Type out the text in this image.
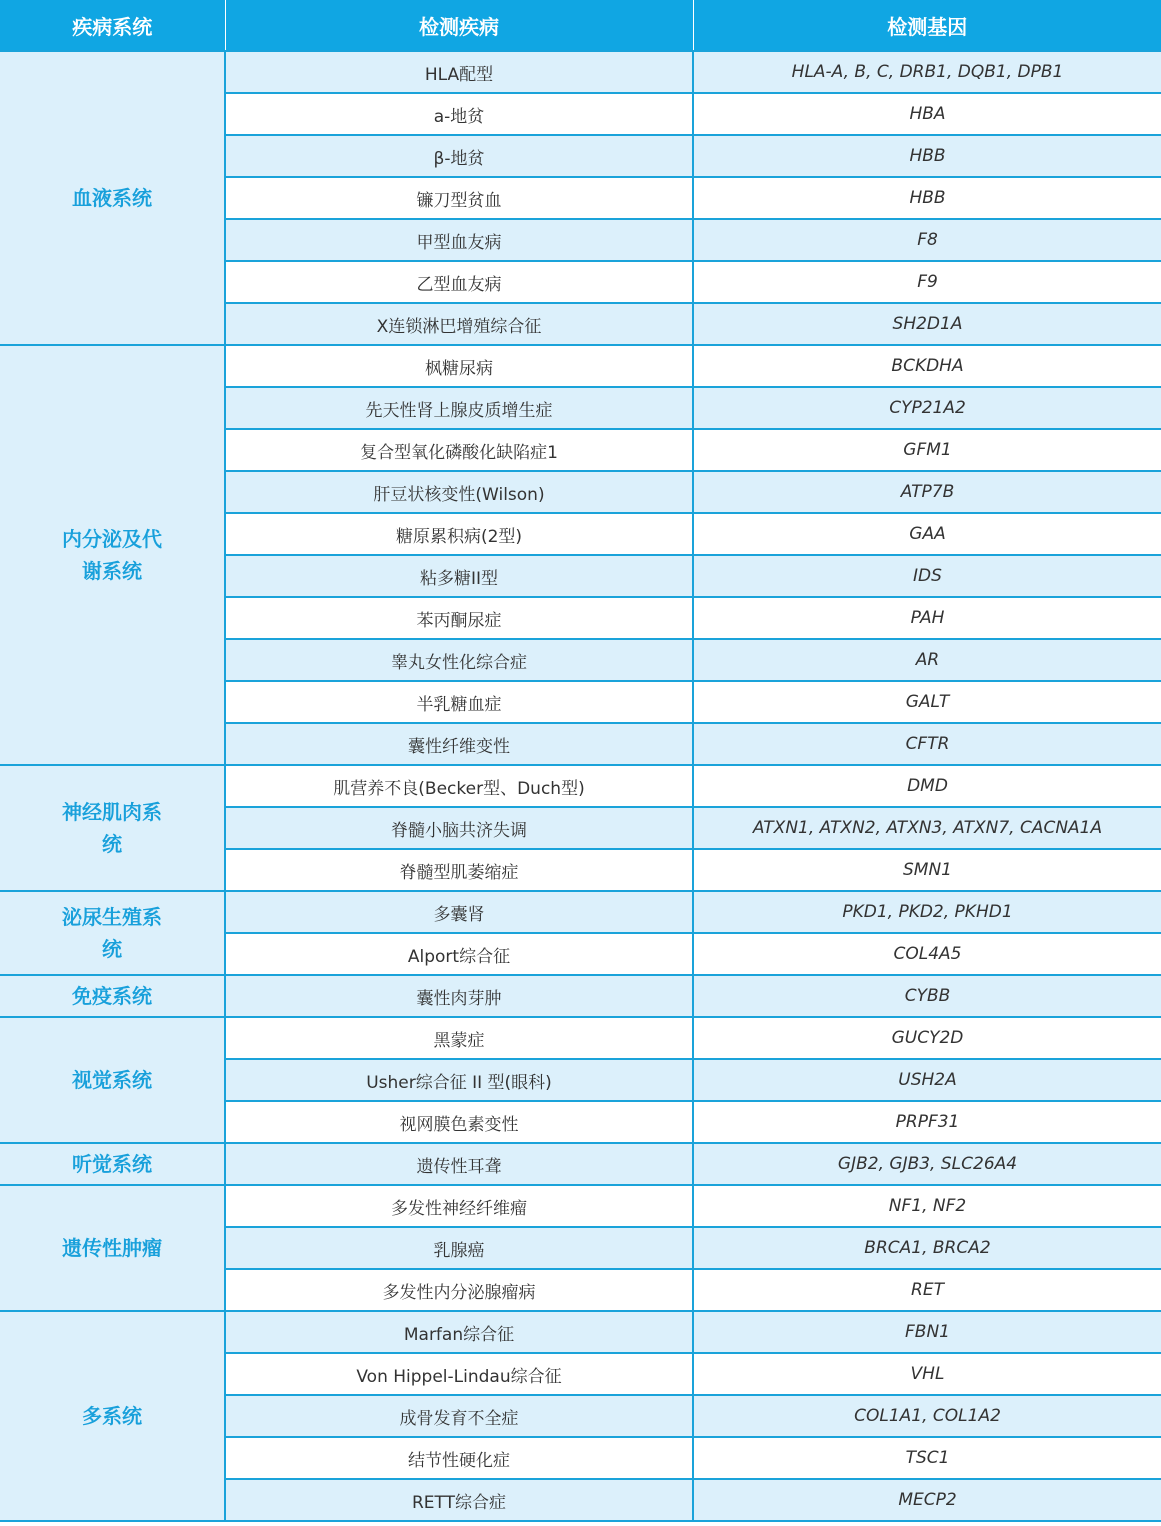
疾病系统	检测疾病	检测基因
血液系统	HLA配型	HLA-A, B, C, DRB1, DQB1, DPB1
	a-地贫	HBA
	β-地贫	HBB
	镰刀型贫血	HBB
	甲型血友病	F8
	乙型血友病	F9
	X连锁淋巴增殖综合征	SH2D1A
内分泌及代谢系统	枫糖尿病	BCKDHA
	先天性肾上腺皮质增生症	CYP21A2
	复合型氧化磷酸化缺陷症1	GFM1
	肝豆状核变性(Wilson)	ATP7B
	糖原累积病(2型)	GAA
	粘多糖II型	IDS
	苯丙酮尿症	PAH
	睾丸女性化综合症	AR
	半乳糖血症	GALT
	囊性纤维变性	CFTR
神经肌肉系统	肌营养不良(Becker型、Duch型)	DMD
	脊髓小脑共济失调	ATXN1, ATXN2, ATXN3, ATXN7, CACNA1A
	脊髓型肌萎缩症	SMN1
泌尿生殖系统	多囊肾	PKD1, PKD2, PKHD1
	Alport综合征	COL4A5
免疫系统	囊性肉芽肿	CYBB
视觉系统	黑蒙症	GUCY2D
	Usher综合征 II 型(眼科)	USH2A
	视网膜色素变性	PRPF31
听觉系统	遗传性耳聋	GJB2, GJB3, SLC26A4
遗传性肿瘤	多发性神经纤维瘤	NF1, NF2
	乳腺癌	BRCA1, BRCA2
	多发性内分泌腺瘤病	RET
多系统	Marfan综合征	FBN1
	Von Hippel-Lindau综合征	VHL
	成骨发育不全症	COL1A1, COL1A2
	结节性硬化症	TSC1
	RETT综合症	MECP2
